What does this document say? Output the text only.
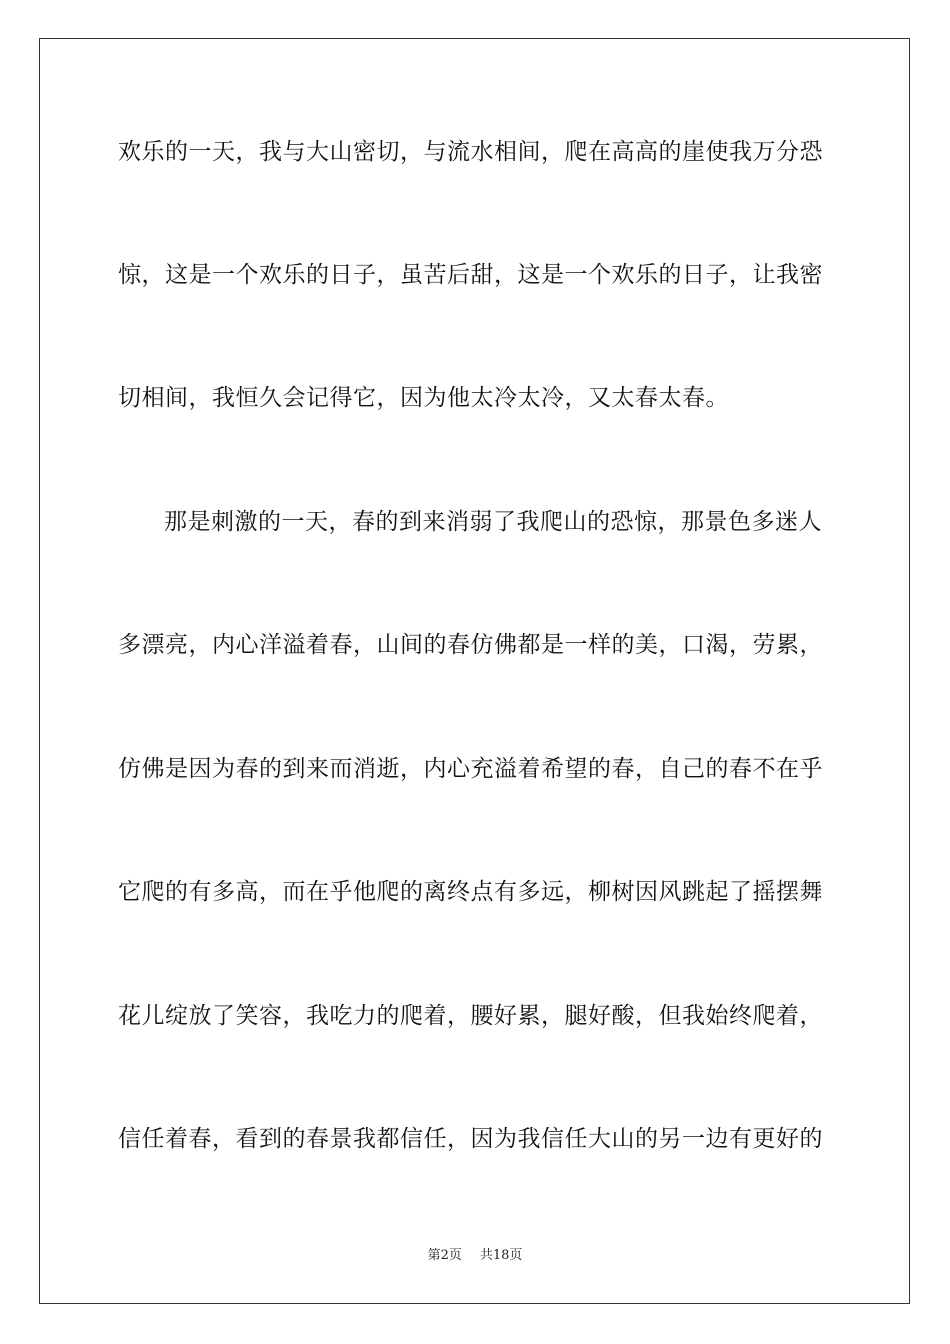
欢乐的一天，我与大山密切，与流水相间，爬在高高的崖使我万分恐
惊，这是一个欢乐的日子，虽苦后甜，这是一个欢乐的日子，让我密
切相间，我恒久会记得它，因为他太冷太冷，又太春太春。
那是刺激的一天，春的到来消弱了我爬山的恐惊，那景色多迷人
多漂亮，内心洋溢着春，山间的春仿佛都是一样的美，口渴，劳累，
仿佛是因为春的到来而消逝，内心充溢着希望的春，自己的春不在乎
它爬的有多高，而在乎他爬的离终点有多远，柳树因风跳起了摇摆舞
花儿绽放了笑容，我吃力的爬着，腰好累，腿好酸，但我始终爬着，
信任着春，看到的春景我都信任，因为我信任大山的另一边有更好的
第2页 共18页
